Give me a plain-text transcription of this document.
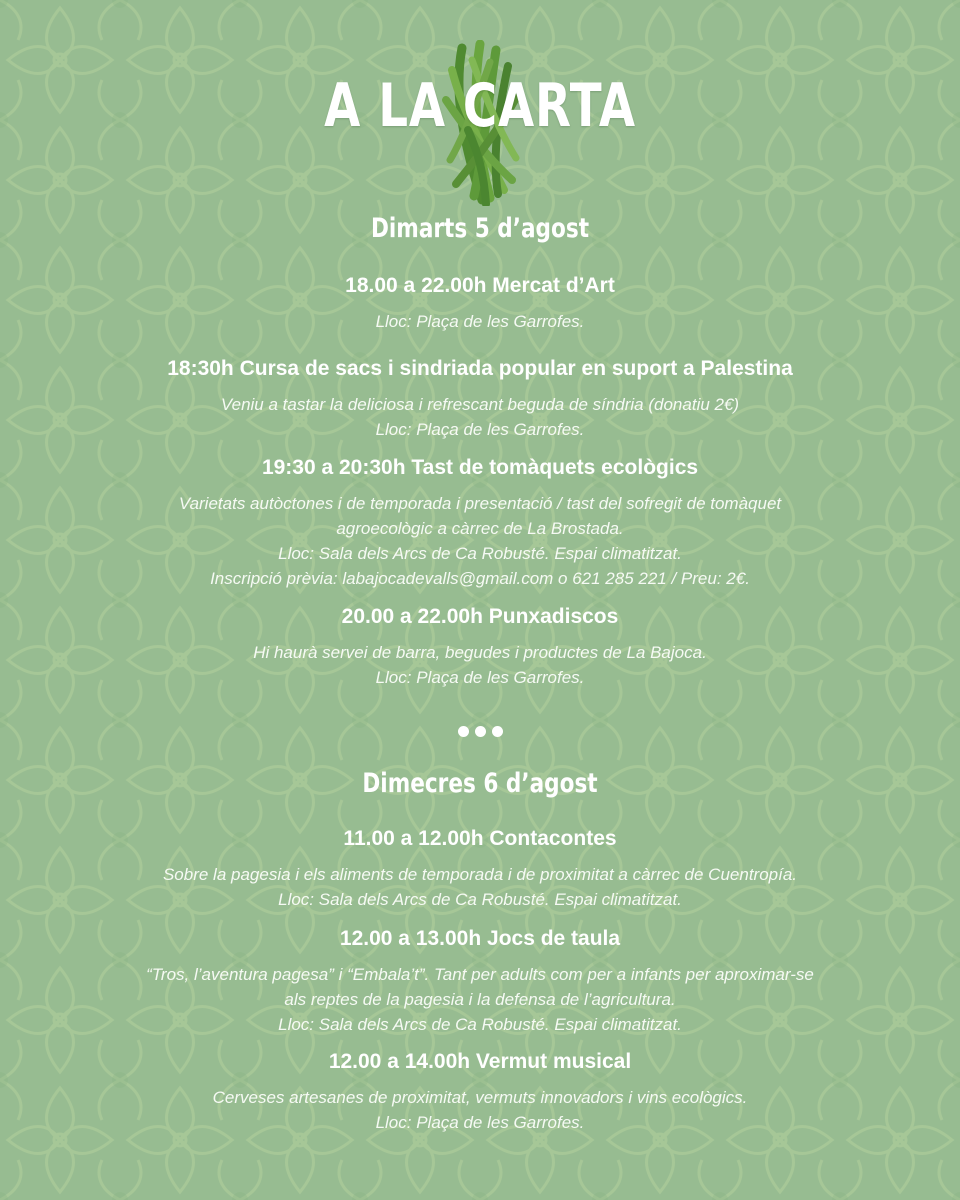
A LA CARTA
Dimarts 5 d’agost

18.00 a 22.00h Mercat d’Art

Lloc: Plaça de les Garrofes.

18:30h Cursa de sacs i sindriada popular en suport a Palestina

Veniu a tastar la deliciosa i refrescant beguda de síndria (donatiu 2€)
Lloc: Plaça de les Garrofes.

19:30 a 20:30h Tast de tomàquets ecològics

Varietats autòctones i de temporada i presentació / tast del sofregit de tomàquet
agroecològic a càrrec de La Brostada.
Lloc: Sala dels Arcs de Ca Robusté. Espai climatitzat.
Inscripció prèvia: labajocadevalls@gmail.com o 621 285 221 / Preu: 2€.

20.00 a 22.00h Punxadiscos

Hi haurà servei de barra, begudes i productes de La Bajoca.
Lloc: Plaça de les Garrofes.

Dimecres 6 d’agost

11.00 a 12.00h Contacontes

Sobre la pagesia i els aliments de temporada i de proximitat a càrrec de Cuentropía.
Lloc: Sala dels Arcs de Ca Robusté. Espai climatitzat.

12.00 a 13.00h Jocs de taula

“Tros, l’aventura pagesa” i “Embala’t”. Tant per adults com per a infants per aproximar-se
als reptes de la pagesia i la defensa de l’agricultura.
Lloc: Sala dels Arcs de Ca Robusté. Espai climatitzat.

12.00 a 14.00h Vermut musical

Cerveses artesanes de proximitat, vermuts innovadors i vins ecològics.
Lloc: Plaça de les Garrofes.
